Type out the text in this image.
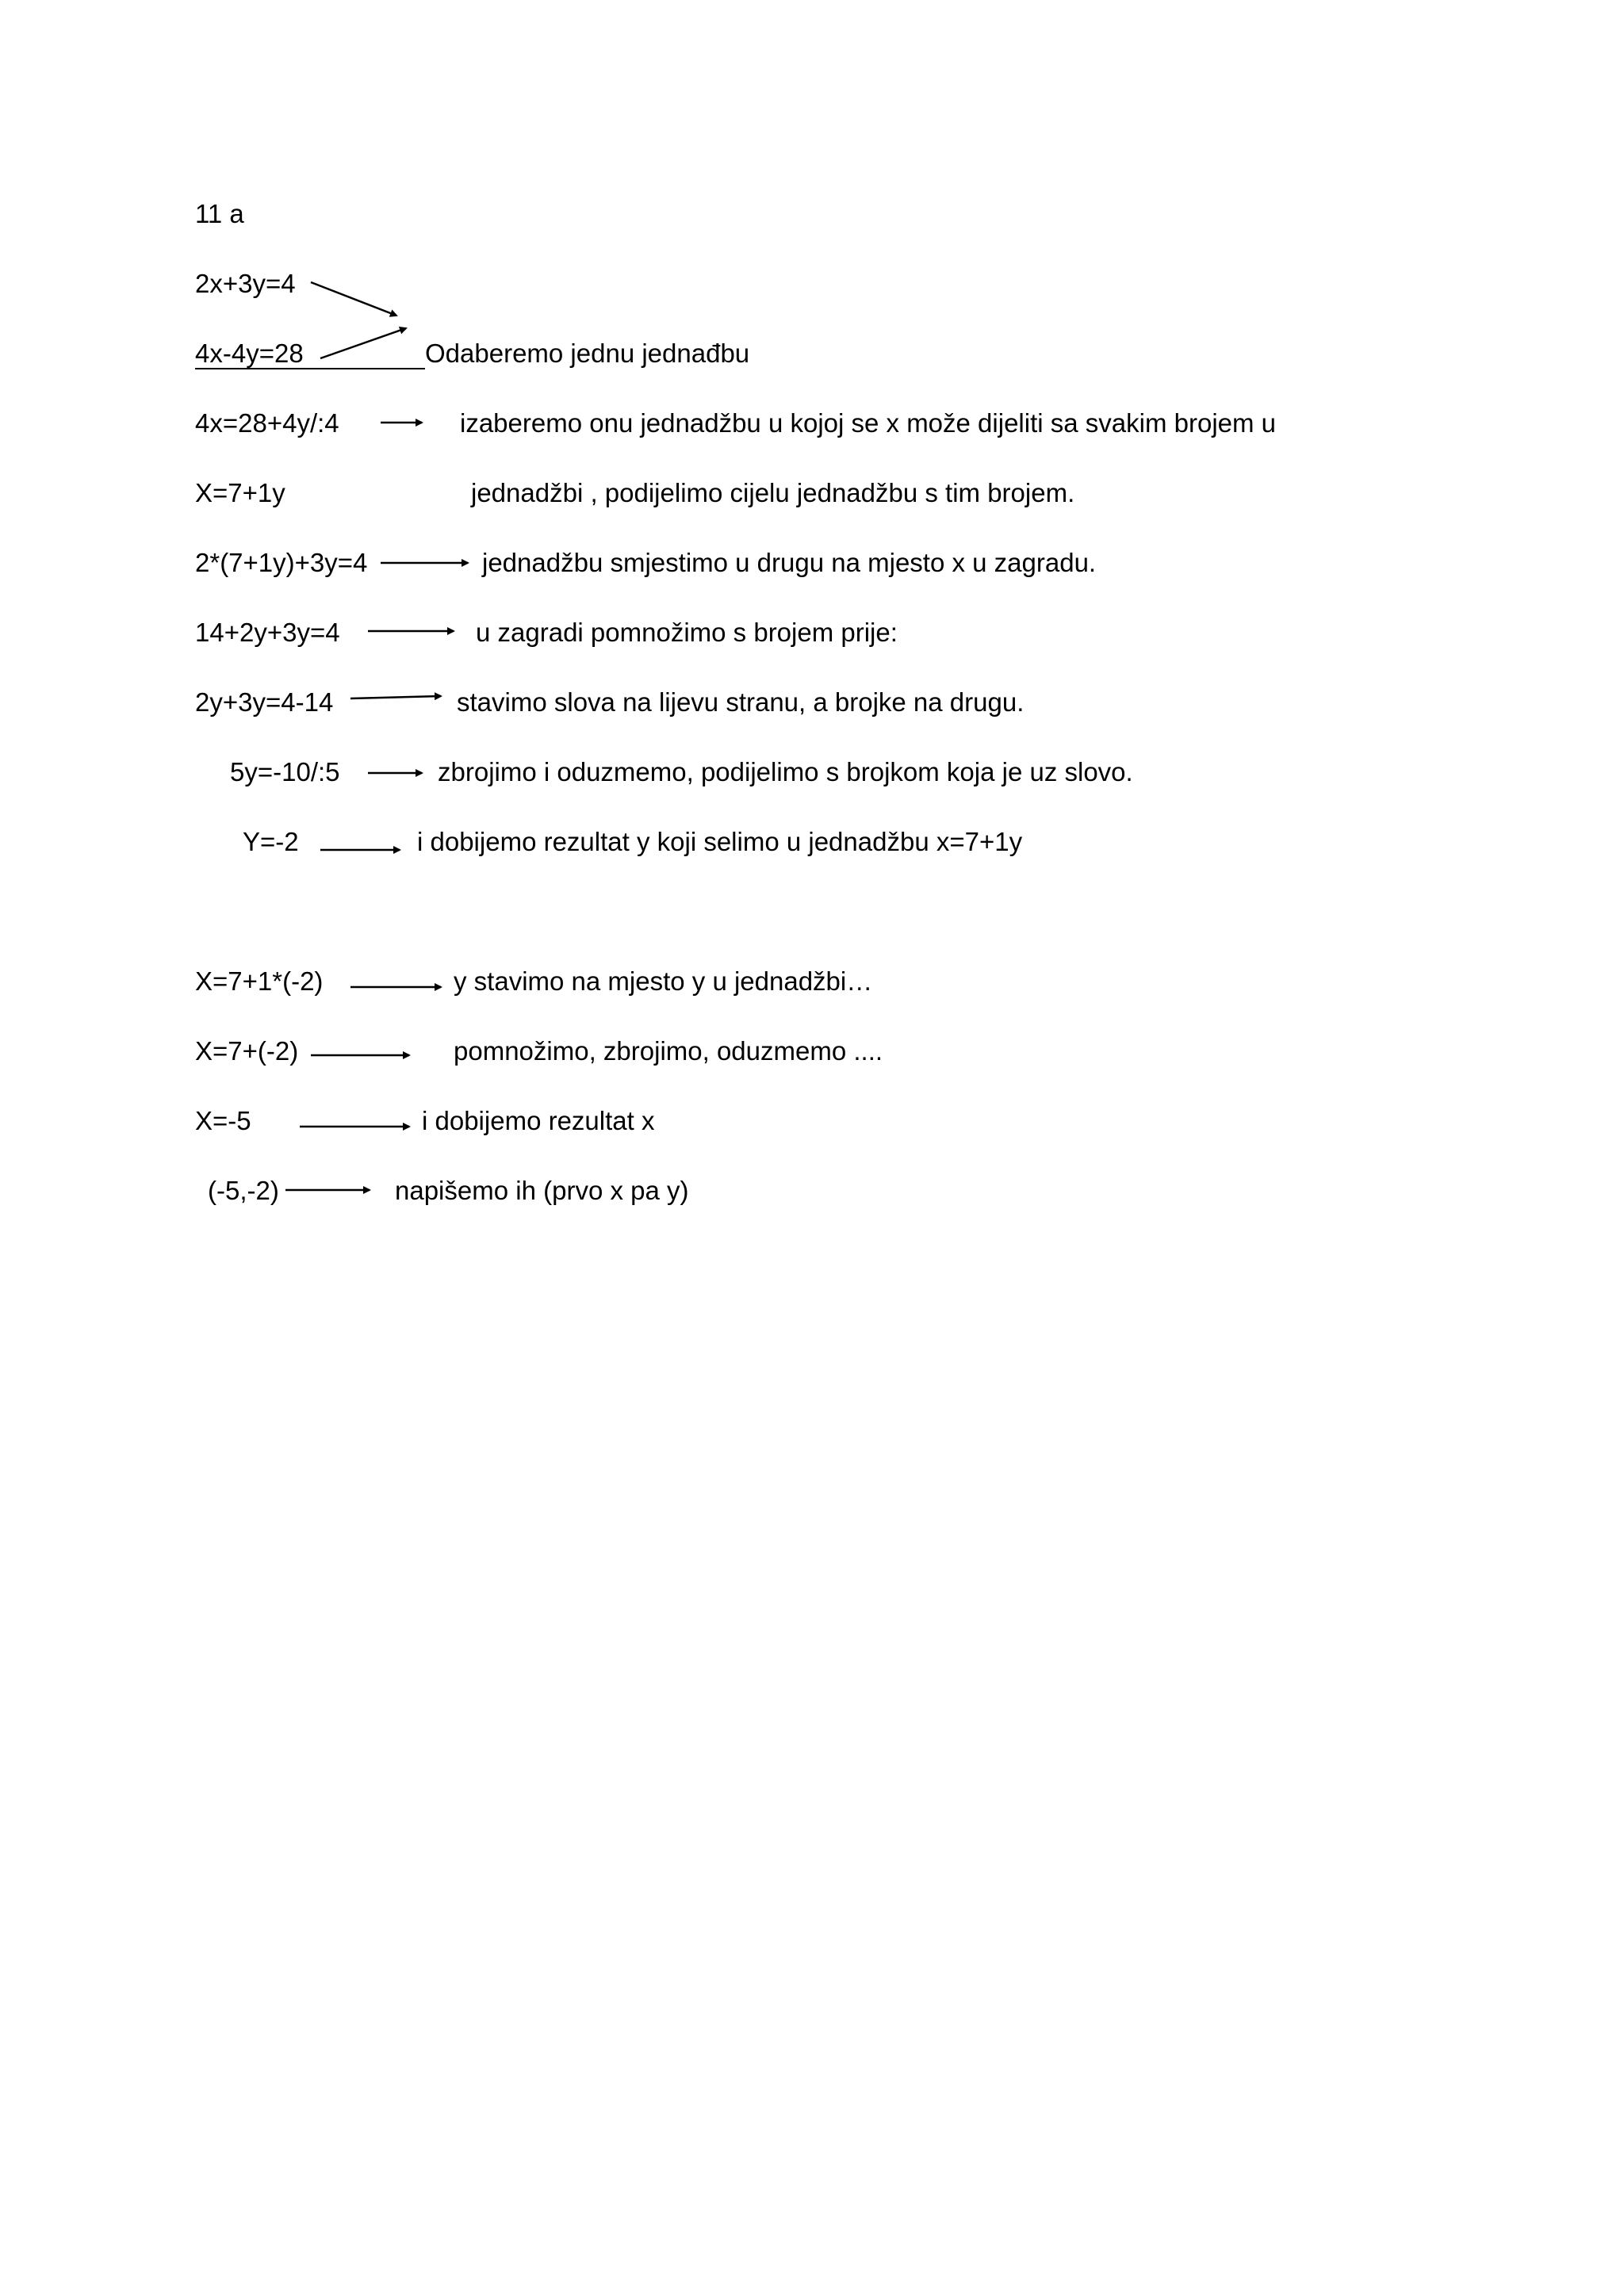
11 a
2x+3y=4
4x-4y=28
4x=28+4y/:4
X=7+1y
2*(7+1y)+3y=4
14+2y+3y=4
2y+3y=4-14
5y=-10/:5
Y=-2
X=7+1*(-2)
X=7+(-2)
X=-5
(-5,-2)
Odaberemo jednu jednađbu
izaberemo onu jednadžbu u kojoj se x može dijeliti sa svakim brojem u
jednadžbi , podijelimo cijelu jednadžbu s tim brojem.
jednadžbu smjestimo u drugu na mjesto x u zagradu.
u zagradi pomnožimo s brojem prije:
stavimo slova na lijevu stranu, a brojke na drugu.
zbrojimo i oduzmemo, podijelimo s brojkom koja je uz slovo.
i dobijemo rezultat y koji selimo u jednadžbu x=7+1y
y stavimo na mjesto y u jednadžbi…
pomnožimo, zbrojimo, oduzmemo ....
i dobijemo rezultat x
napišemo ih (prvo x pa y)
